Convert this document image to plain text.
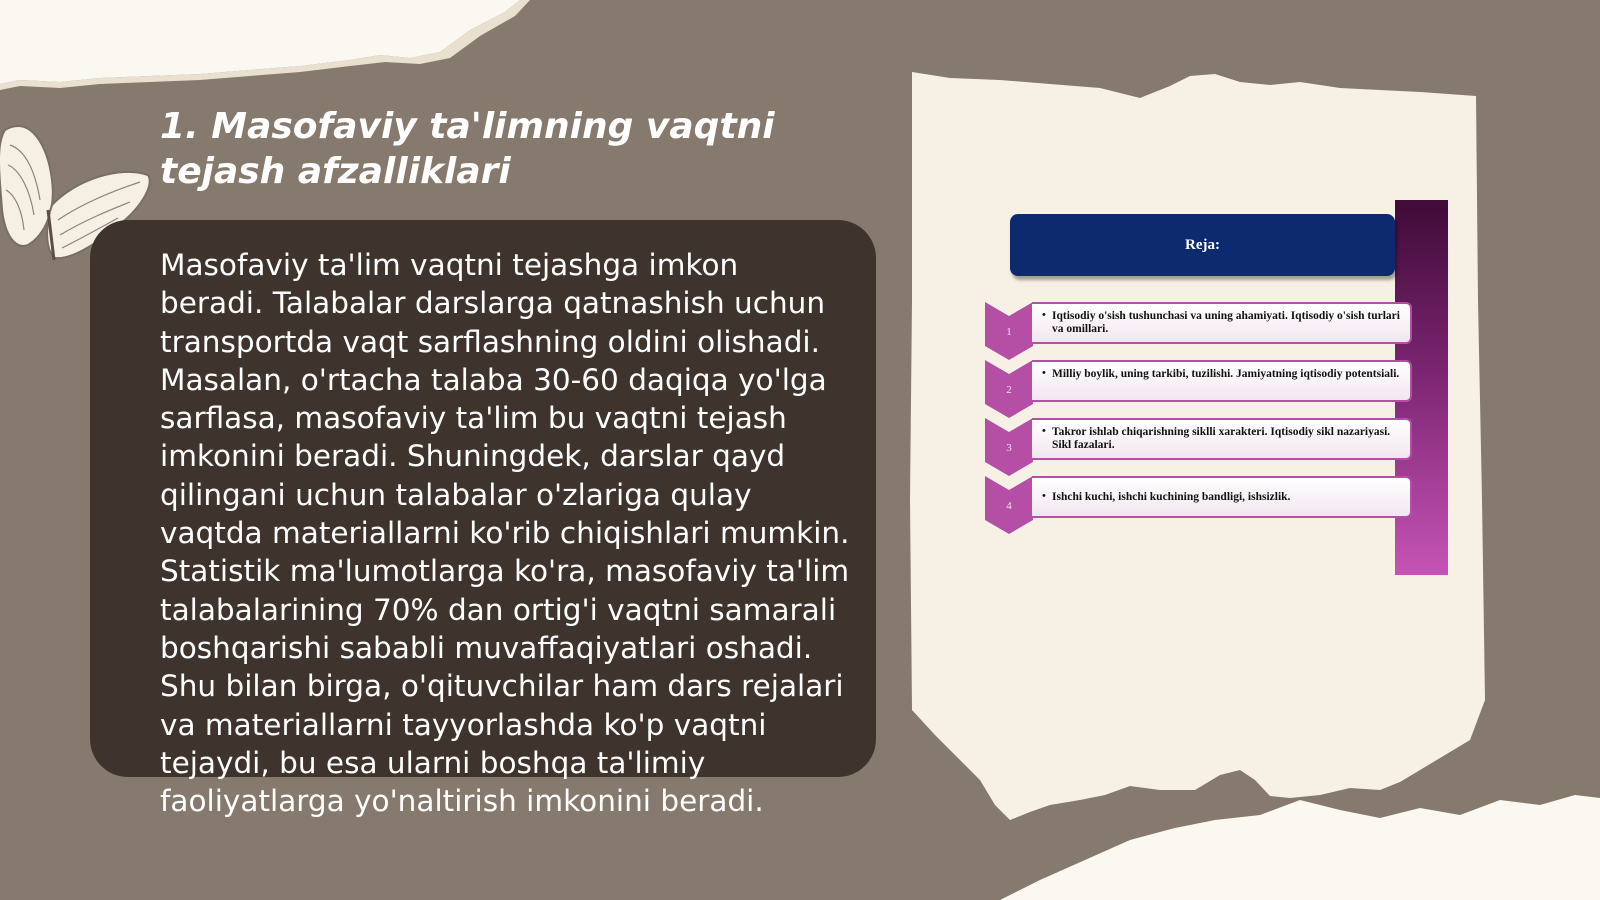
1. Masofaviy ta'limning vaqtni tejash afzalliklari
Masofaviy ta'lim vaqtni tejashga imkon beradi. Talabalar darslarga qatnashish uchun transportda vaqt sarflashning oldini olishadi. Masalan, o'rtacha talaba 30-60 daqiqa yo'lga sarflasa, masofaviy ta'lim bu vaqtni tejash imkonini beradi. Shuningdek, darslar qayd qilingani uchun talabalar o'zlariga qulay vaqtda materiallarni ko'rib chiqishlari mumkin. Statistik ma'lumotlarga ko'ra, masofaviy ta'lim talabalarining 70% dan ortig'i vaqtni samarali boshqarishi sababli muvaffaqiyatlari oshadi. Shu bilan birga, o'qituvchilar ham dars rejalari va materiallarni tayyorlashda ko'p vaqtni tejaydi, bu esa ularni boshqa ta'limiy faoliyatlarga yo'naltirish imkonini beradi.
Reja:
1
• Iqtisodiy o'sish tushunchasi va uning ahamiyati. Iqtisodiy o'sish turlari va omillari.
2
• Milliy boylik, uning tarkibi, tuzilishi. Jamiyatning iqtisodiy potentsiali.
3
• Takror ishlab chiqarishning siklli xarakteri. Iqtisodiy sikl nazariyasi. Sikl fazalari.
4
• Ishchi kuchi, ishchi kuchining bandligi, ishsizlik.
